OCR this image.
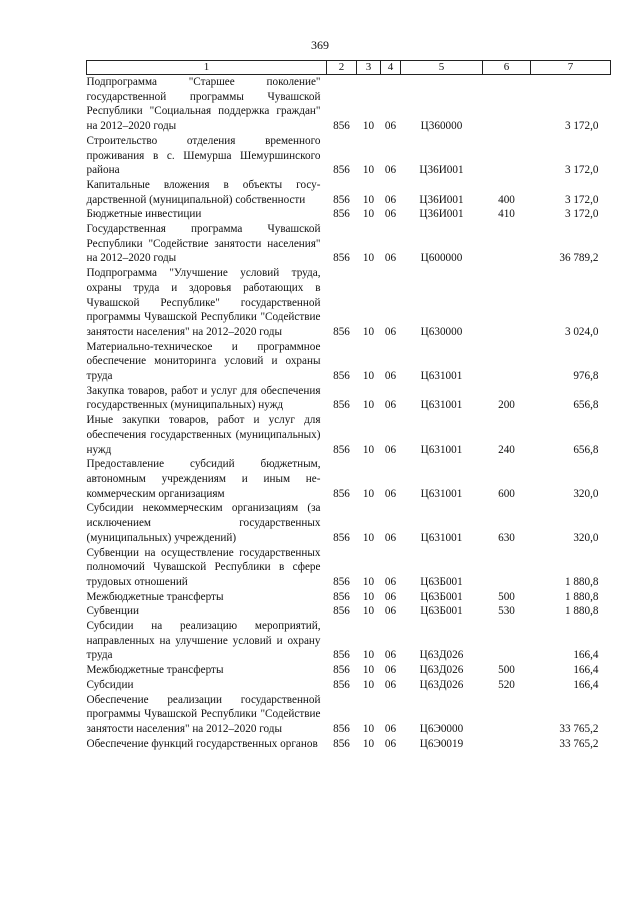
369
1	2	3	4	5	6	7
Подпрограмма "Старшее поколение" государственной программы Чувашской Республики "Социальная поддержка граждан" на 2012–2020 годы	856	10	06	Ц360000		3 172,0
Строительство отделения временного проживания в с. Шемурша Шемуршинского района	856	10	06	Ц36И001		3 172,0
Капитальные вложения в объекты государственной (муниципальной) собственности	856	10	06	Ц36И001	400	3 172,0
Бюджетные инвестиции	856	10	06	Ц36И001	410	3 172,0
Государственная программа Чувашской Республики "Содействие занятости населения" на 2012–2020 годы	856	10	06	Ц600000		36 789,2
Подпрограмма "Улучшение условий труда, охраны труда и здоровья работающих в Чувашской Республике" государственной программы Чувашской Республики "Содействие занятости населения" на 2012–2020 годы	856	10	06	Ц630000		3 024,0
Материально-техническое и программное обеспечение мониторинга условий и охраны труда	856	10	06	Ц631001		976,8
Закупка товаров, работ и услуг для обеспечения государственных (муниципальных) нужд	856	10	06	Ц631001	200	656,8
Иные закупки товаров, работ и услуг для обеспечения государственных (муниципальных) нужд	856	10	06	Ц631001	240	656,8
Предоставление субсидий бюджетным, автономным учреждениям и иным некоммерческим организациям	856	10	06	Ц631001	600	320,0
Субсидии некоммерческим организациям (за исключением государственных (муниципальных) учреждений)	856	10	06	Ц631001	630	320,0
Субвенции на осуществление государственных полномочий Чувашской Республики в сфере трудовых отношений	856	10	06	Ц63Б001		1 880,8
Межбюджетные трансферты	856	10	06	Ц63Б001	500	1 880,8
Субвенции	856	10	06	Ц63Б001	530	1 880,8
Субсидии на реализацию мероприятий, направленных на улучшение условий и охрану труда	856	10	06	Ц63Д026		166,4
Межбюджетные трансферты	856	10	06	Ц63Д026	500	166,4
Субсидии	856	10	06	Ц63Д026	520	166,4
Обеспечение реализации государственной программы Чувашской Республики "Содействие занятости населения" на 2012–2020 годы	856	10	06	Ц6Э0000		33 765,2
Обеспечение функций государственных органов	856	10	06	Ц6Э0019		33 765,2
